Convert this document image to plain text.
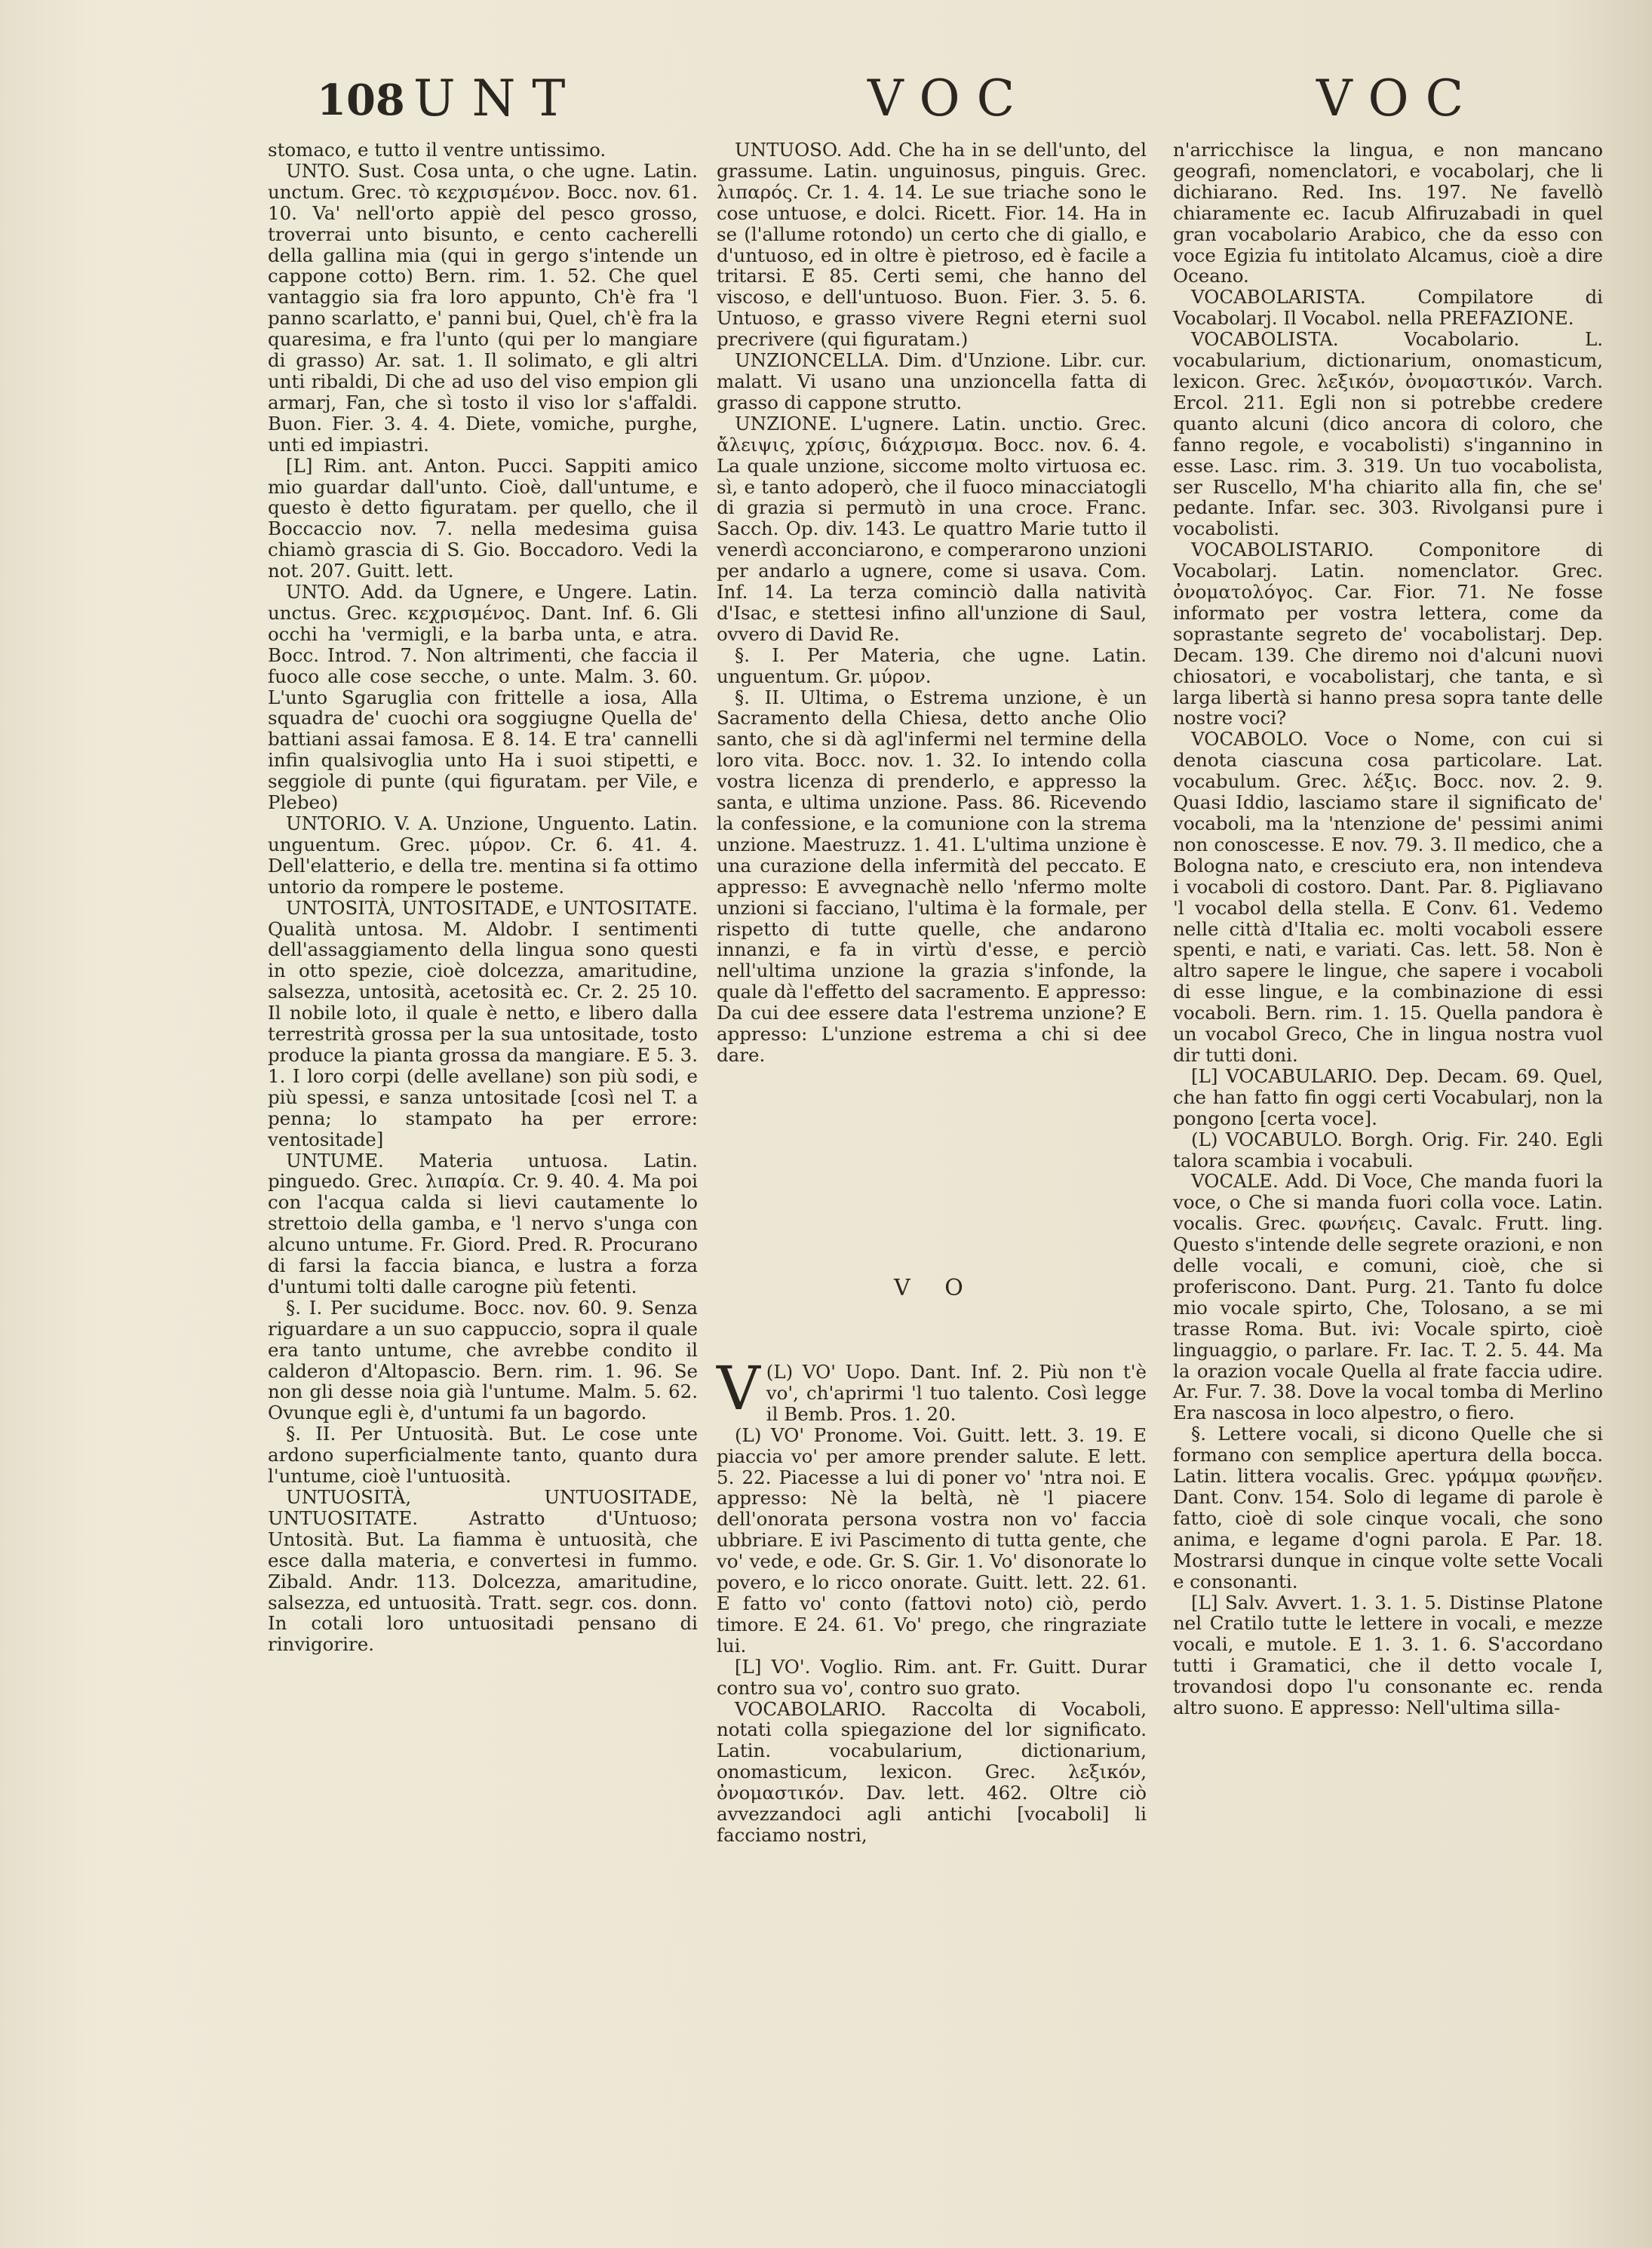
108 UNT	VOC	VOC

stomaco, e tutto il ventre untissimo.

UNTO. Sust. Cosa unta, o che ugne. Latin. unctum. Grec. τὸ κεχρισμένον. Bocc. nov. 61. 10. Va' nell'orto appiè del pesco grosso, troverrai unto bisunto, e cento cacherelli della gallina mia (qui in gergo s'intende un cappone cotto) Bern. rim. 1. 52. Che quel vantaggio sia fra loro appunto, Ch'è fra 'l panno scarlatto, e' panni bui, Quel, ch'è fra la quaresima, e fra l'unto (qui per lo mangiare di grasso) Ar. sat. 1. Il solimato, e gli altri unti ribaldi, Di che ad uso del viso empion gli armarj, Fan, che sì tosto il viso lor s'affaldi. Buon. Fier. 3. 4. 4. Diete, vomiche, purghe, unti ed impiastri.

[L] Rim. ant. Anton. Pucci. Sappiti amico mio guardar dall'unto. Cioè, dall'untume, e questo è detto figuratam. per quello, che il Boccaccio nov. 7. nella medesima guisa chiamò grascia di S. Gio. Boccadoro. Vedi la not. 207. Guitt. lett.

UNTO. Add. da Ugnere, e Ungere. Latin. unctus. Grec. κεχρισμένος. Dant. Inf. 6. Gli occhi ha 'vermigli, e la barba unta, e atra. Bocc. Introd. 7. Non altrimenti, che faccia il fuoco alle cose secche, o unte. Malm. 3. 60. L'unto Sgaruglia con frittelle a iosa, Alla squadra de' cuochi ora soggiugne Quella de' battiani assai famosa. E 8. 14. E tra' cannelli infin qualsivoglia unto Ha i suoi stipetti, e seggiole di punte (qui figuratam. per Vile, e Plebeo)

UNTORIO. V. A. Unzione, Unguento. Latin. unguentum. Grec. μύρον. Cr. 6. 41. 4. Dell'elatterio, e della tre. mentina si fa ottimo untorio da rompere le posteme.

UNTOSITÀ, UNTOSITADE, e UNTOSITATE. Qualità untosa. M. Aldobr. I sentimenti dell'assaggiamento della lingua sono questi in otto spezie, cioè dolcezza, amaritudine, salsezza, untosità, acetosità ec. Cr. 2. 25 10. Il nobile loto, il quale è netto, e libero dalla terrestrità grossa per la sua untositade, tosto produce la pianta grossa da mangiare. E 5. 3. 1. I loro corpi (delle avellane) son più sodi, e più spessi, e sanza untositade [così nel T. a penna; lo stampato ha per errore: ventositade]

UNTUME. Materia untuosa. Latin. pinguedo. Grec. λιπαρία. Cr. 9. 40. 4. Ma poi con l'acqua calda si lievi cautamente lo strettoio della gamba, e 'l nervo s'unga con alcuno untume. Fr. Giord. Pred. R. Procurano di farsi la faccia bianca, e lustra a forza d'untumi tolti dalle carogne più fetenti.

§. I. Per sucidume. Bocc. nov. 60. 9. Senza riguardare a un suo cappuccio, sopra il quale era tanto untume, che avrebbe condito il calderon d'Altopascio. Bern. rim. 1. 96. Se non gli desse noia già l'untume. Malm. 5. 62. Ovunque egli è, d'untumi fa un bagordo.

§. II. Per Untuosità. But. Le cose unte ardono superficialmente tanto, quanto dura l'untume, cioè l'untuosità.

UNTUOSITÀ, UNTUOSITADE, UNTUOSITATE. Astratto d'Untuoso; Untosità. But. La fiamma è untuosità, che esce dalla materia, e convertesi in fummo. Zibald. Andr. 113. Dolcezza, amaritudine, salsezza, ed untuosità. Tratt. segr. cos. donn. In cotali loro untuositadi pensano di rinvigorire.

UNTUOSO. Add. Che ha in se dell'unto, del grassume. Latin. unguinosus, pinguis. Grec. λιπαρός. Cr. 1. 4. 14. Le sue triache sono le cose untuose, e dolci. Ricett. Fior. 14. Ha in se (l'allume rotondo) un certo che di giallo, e d'untuoso, ed in oltre è pietroso, ed è facile a tritarsi. E 85. Certi semi, che hanno del viscoso, e dell'untuoso. Buon. Fier. 3. 5. 6. Untuoso, e grasso vivere Regni eterni suol precrivere (qui figuratam.)

UNZIONCELLA. Dim. d'Unzione. Libr. cur. malatt. Vi usano una unzioncella fatta di grasso di cappone strutto.

UNZIONE. L'ugnere. Latin. unctio. Grec. ἄλειψις, χρίσις, διάχρισμα. Bocc. nov. 6. 4. La quale unzione, siccome molto virtuosa ec. sì, e tanto adoperò, che il fuoco minacciatogli di grazia si permutò in una croce. Franc. Sacch. Op. div. 143. Le quattro Marie tutto il venerdì acconciarono, e comperarono unzioni per andarlo a ugnere, come si usava. Com. Inf. 14. La terza cominciò dalla natività d'Isac, e stettesi infino all'unzione di Saul, ovvero di David Re.

§. I. Per Materia, che ugne. Latin. unguentum. Gr. μύρον.

§. II. Ultima, o Estrema unzione, è un Sacramento della Chiesa, detto anche Olio santo, che si dà agl'infermi nel termine della loro vita. Bocc. nov. 1. 32. Io intendo colla vostra licenza di prenderlo, e appresso la santa, e ultima unzione. Pass. 86. Ricevendo la confessione, e la comunione con la strema unzione. Maestruzz. 1. 41. L'ultima unzione è una curazione della infermità del peccato. E appresso: E avvegnachè nello 'nfermo molte unzioni si facciano, l'ultima è la formale, per rispetto di tutte quelle, che andarono innanzi, e fa in virtù d'esse, e perciò nell'ultima unzione la grazia s'infonde, la quale dà l'effetto del sacramento. E appresso: Da cui dee essere data l'estrema unzione? E appresso: L'unzione estrema a chi si dee dare.

V O
V (L) VO' Uopo. Dant. Inf. 2. Più non t'è vo', ch'aprirmi 'l tuo talento. Così legge il Bemb. Pros. 1. 20.

(L) VO' Pronome. Voi. Guitt. lett. 3. 19. E piaccia vo' per amore prender salute. E lett. 5. 22. Piacesse a lui di poner vo' 'ntra noi. E appresso: Nè la beltà, nè 'l piacere dell'onorata persona vostra non vo' faccia ubbriare. E ivi Pascimento di tutta gente, che vo' vede, e ode. Gr. S. Gir. 1. Vo' disonorate lo povero, e lo ricco onorate. Guitt. lett. 22. 61. E fatto vo' conto (fattovi noto) ciò, perdo timore. E 24. 61. Vo' prego, che ringraziate lui.

[L] VO'. Voglio. Rim. ant. Fr. Guitt. Durar contro sua vo', contro suo grato.

VOCABOLARIO. Raccolta di Vocaboli, notati colla spiegazione del lor significato. Latin. vocabularium, dictionarium, onomasticum, lexicon. Grec. λεξικόν, ὀνομαστικόν. Dav. lett. 462. Oltre ciò avvezzandoci agli antichi [vocaboli] li facciamo nostri,

n'arricchisce la lingua, e non mancano geografi, nomenclatori, e vocabolarj, che li dichiarano. Red. Ins. 197. Ne favellò chiaramente ec. Iacub Alfiruzabadi in quel gran vocabolario Arabico, che da esso con voce Egizia fu intitolato Alcamus, cioè a dire Oceano.

VOCABOLARISTA. Compilatore di Vocabolarj. Il Vocabol. nella PREFAZIONE.

VOCABOLISTA. Vocabolario. L. vocabularium, dictionarium, onomasticum, lexicon. Grec. λεξικόν, ὀνομαστικόν. Varch. Ercol. 211. Egli non si potrebbe credere quanto alcuni (dico ancora di coloro, che fanno regole, e vocabolisti) s'ingannino in esse. Lasc. rim. 3. 319. Un tuo vocabolista, ser Ruscello, M'ha chiarito alla fin, che se' pedante. Infar. sec. 303. Rivolgansi pure i vocabolisti.

VOCABOLISTARIO. Componitore di Vocabolarj. Latin. nomenclator. Grec. ὀνοματολόγος. Car. Fior. 71. Ne fosse informato per vostra lettera, come da soprastante segreto de' vocabolistarj. Dep. Decam. 139. Che diremo noi d'alcuni nuovi chiosatori, e vocabolistarj, che tanta, e sì larga libertà si hanno presa sopra tante delle nostre voci?

VOCABOLO. Voce o Nome, con cui si denota ciascuna cosa particolare. Lat. vocabulum. Grec. λέξις. Bocc. nov. 2. 9. Quasi Iddio, lasciamo stare il significato de' vocaboli, ma la 'ntenzione de' pessimi animi non conoscesse. E nov. 79. 3. Il medico, che a Bologna nato, e cresciuto era, non intendeva i vocaboli di costoro. Dant. Par. 8. Pigliavano 'l vocabol della stella. E Conv. 61. Vedemo nelle città d'Italia ec. molti vocaboli essere spenti, e nati, e variati. Cas. lett. 58. Non è altro sapere le lingue, che sapere i vocaboli di esse lingue, e la combinazione di essi vocaboli. Bern. rim. 1. 15. Quella pandora è un vocabol Greco, Che in lingua nostra vuol dir tutti doni.

[L] VOCABULARIO. Dep. Decam. 69. Quel, che han fatto fin oggi certi Vocabularj, non la pongono [certa voce].

(L) VOCABULO. Borgh. Orig. Fir. 240. Egli talora scambia i vocabuli.

VOCALE. Add. Di Voce, Che manda fuori la voce, o Che si manda fuori colla voce. Latin. vocalis. Grec. φωνήεις. Cavalc. Frutt. ling. Questo s'intende delle segrete orazioni, e non delle vocali, e comuni, cioè, che si proferiscono. Dant. Purg. 21. Tanto fu dolce mio vocale spirto, Che, Tolosano, a se mi trasse Roma. But. ivi: Vocale spirto, cioè linguaggio, o parlare. Fr. Iac. T. 2. 5. 44. Ma la orazion vocale Quella al frate faccia udire. Ar. Fur. 7. 38. Dove la vocal tomba di Merlino Era nascosa in loco alpestro, o fiero.

§. Lettere vocali, si dicono Quelle che si formano con semplice apertura della bocca. Latin. littera vocalis. Grec. γράμμα φωνῆεν. Dant. Conv. 154. Solo di legame di parole è fatto, cioè di sole cinque vocali, che sono anima, e legame d'ogni parola. E Par. 18. Mostrarsi dunque in cinque volte sette Vocali e consonanti.

[L] Salv. Avvert. 1. 3. 1. 5. Distinse Platone nel Cratilo tutte le lettere in vocali, e mezze vocali, e mutole. E 1. 3. 1. 6. S'accordano tutti i Gramatici, che il detto vocale I, trovandosi dopo l'u consonante ec. renda altro suono. E appresso: Nell'ultima silla-
